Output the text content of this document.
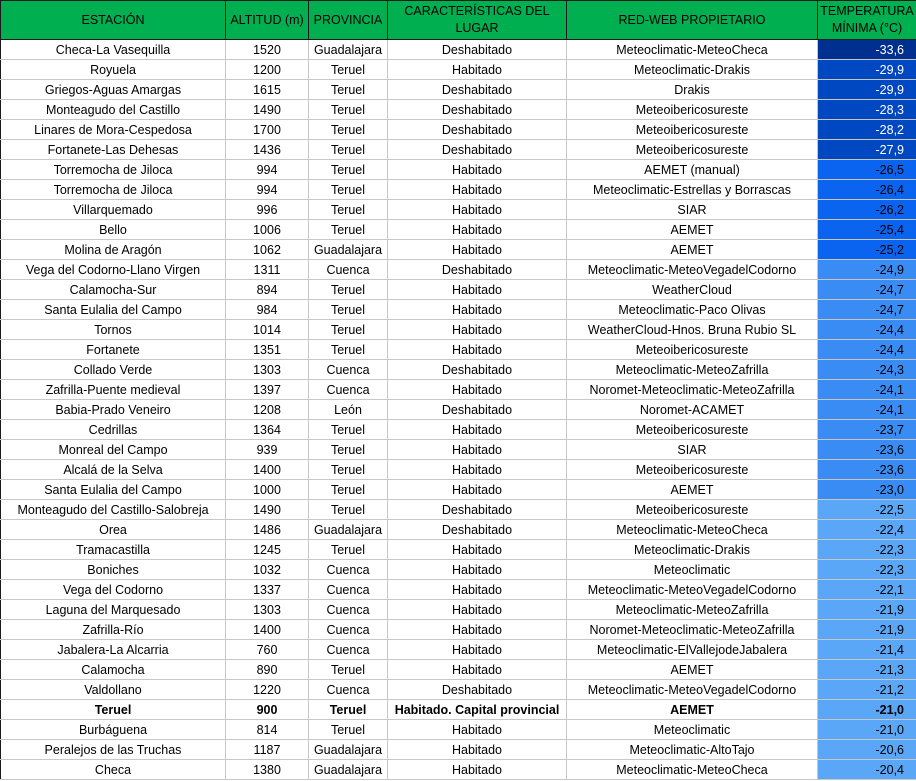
ESTACIÓN	ALTITUD (m)	PROVINCIA	CARACTERÍSTICAS DEL LUGAR	RED-WEB PROPIETARIO	TEMPERATURA MÍNIMA (°C)
Checa-La Vasequilla	1520	Guadalajara	Deshabitado	Meteoclimatic-MeteoCheca	-33,6
Royuela	1200	Teruel	Habitado	Meteoclimatic-Drakis	-29,9
Griegos-Aguas Amargas	1615	Teruel	Deshabitado	Drakis	-29,9
Monteagudo del Castillo	1490	Teruel	Deshabitado	Meteoibericosureste	-28,3
Linares de Mora-Cespedosa	1700	Teruel	Deshabitado	Meteoibericosureste	-28,2
Fortanete-Las Dehesas	1436	Teruel	Deshabitado	Meteoibericosureste	-27,9
Torremocha de Jiloca	994	Teruel	Habitado	AEMET (manual)	-26,5
Torremocha de Jiloca	994	Teruel	Habitado	Meteoclimatic-Estrellas y Borrascas	-26,4
Villarquemado	996	Teruel	Habitado	SIAR	-26,2
Bello	1006	Teruel	Habitado	AEMET	-25,4
Molina de Aragón	1062	Guadalajara	Habitado	AEMET	-25,2
Vega del Codorno-Llano Virgen	1311	Cuenca	Deshabitado	Meteoclimatic-MeteoVegadelCodorno	-24,9
Calamocha-Sur	894	Teruel	Habitado	WeatherCloud	-24,7
Santa Eulalia del Campo	984	Teruel	Habitado	Meteoclimatic-Paco Olivas	-24,7
Tornos	1014	Teruel	Habitado	WeatherCloud-Hnos. Bruna Rubio SL	-24,4
Fortanete	1351	Teruel	Habitado	Meteoibericosureste	-24,4
Collado Verde	1303	Cuenca	Deshabitado	Meteoclimatic-MeteoZafrilla	-24,3
Zafrilla-Puente medieval	1397	Cuenca	Habitado	Noromet-Meteoclimatic-MeteoZafrilla	-24,1
Babia-Prado Veneiro	1208	León	Deshabitado	Noromet-ACAMET	-24,1
Cedrillas	1364	Teruel	Habitado	Meteoibericosureste	-23,7
Monreal del Campo	939	Teruel	Habitado	SIAR	-23,6
Alcalá de la Selva	1400	Teruel	Habitado	Meteoibericosureste	-23,6
Santa Eulalia del Campo	1000	Teruel	Habitado	AEMET	-23,0
Monteagudo del Castillo-Salobreja	1490	Teruel	Deshabitado	Meteoibericosureste	-22,5
Orea	1486	Guadalajara	Deshabitado	Meteoclimatic-MeteoCheca	-22,4
Tramacastilla	1245	Teruel	Habitado	Meteoclimatic-Drakis	-22,3
Boniches	1032	Cuenca	Habitado	Meteoclimatic	-22,3
Vega del Codorno	1337	Cuenca	Habitado	Meteoclimatic-MeteoVegadelCodorno	-22,1
Laguna del Marquesado	1303	Cuenca	Habitado	Meteoclimatic-MeteoZafrilla	-21,9
Zafrilla-Río	1400	Cuenca	Habitado	Noromet-Meteoclimatic-MeteoZafrilla	-21,9
Jabalera-La Alcarria	760	Cuenca	Habitado	Meteoclimatic-ElVallejodeJabalera	-21,4
Calamocha	890	Teruel	Habitado	AEMET	-21,3
Valdollano	1220	Cuenca	Deshabitado	Meteoclimatic-MeteoVegadelCodorno	-21,2
Teruel	900	Teruel	Habitado. Capital provincial	AEMET	-21,0
Burbáguena	814	Teruel	Habitado	Meteoclimatic	-21,0
Peralejos de las Truchas	1187	Guadalajara	Habitado	Meteoclimatic-AltoTajo	-20,6
Checa	1380	Guadalajara	Habitado	Meteoclimatic-MeteoCheca	-20,4
